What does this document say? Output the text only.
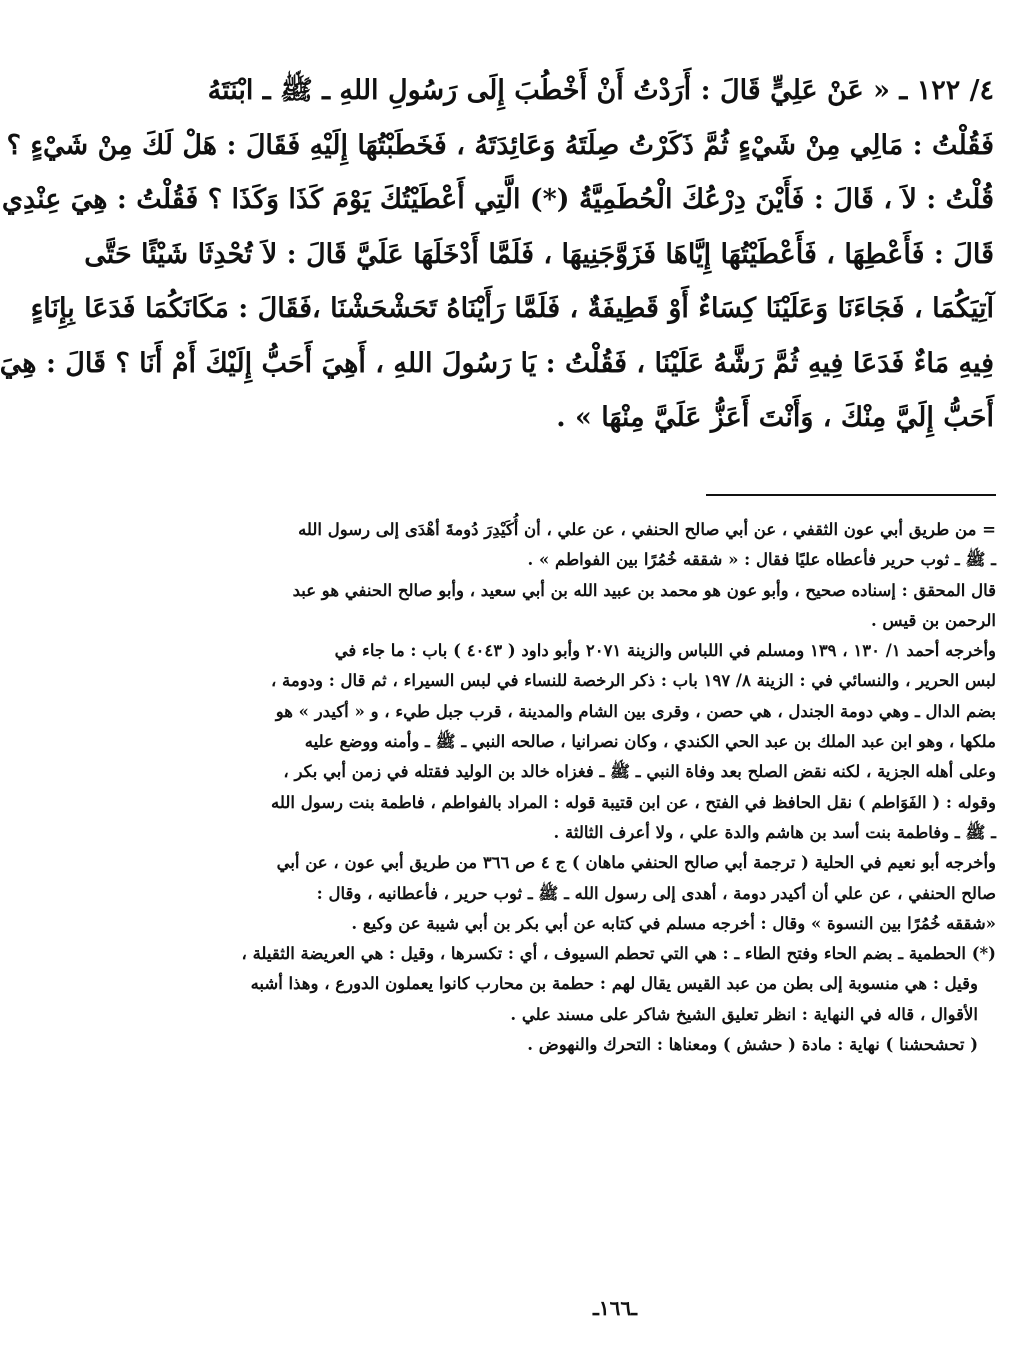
٤/ ١٢٢ ـ « عَنْ عَلِيٍّ قَالَ : أَرَدْتُ أَنْ أَخْطُبَ إِلَى رَسُولِ اللهِ ـ ﷺ ـ ابْنَتَهُ
فَقُلْتُ : مَالِي مِنْ شَيْءٍ ثُمَّ ذَكَرْتُ صِلَتَهُ وَعَائِدَتَهُ ، فَخَطَبْتُهَا إِلَيْهِ فَقَالَ : هَلْ لَكَ مِنْ شَيْءٍ ؟
قُلْتُ : لاَ ، قَالَ : فَأَيْنَ دِرْعُكَ الْحُطَمِيَّةُ (*) الَّتِي أَعْطَيْتُكَ يَوْمَ كَذَا وَكَذَا ؟ فَقُلْتُ : هِيَ عِنْدِي
قَالَ : فَأَعْطِهَا ، فَأَعْطَيْتُهَا إِيَّاهَا فَزَوَّجَنِيهَا ، فَلَمَّا أَدْخَلَهَا عَلَيَّ قَالَ : لاَ تُحْدِثَا شَيْئًا حَتَّى
آتِيَكُمَا ، فَجَاءَنَا وَعَلَيْنَا كِسَاءٌ أَوْ قَطِيفَةٌ ، فَلَمَّا رَأَيْنَاهُ تَحَشْحَشْنَا ،فَقَالَ : مَكَانَكُمَا فَدَعَا بِإِنَاءٍ
فِيهِ مَاءٌ فَدَعَا فِيهِ ثُمَّ رَشَّهُ عَلَيْنَا ، فَقُلْتُ : يَا رَسُولَ اللهِ ، أَهِيَ أَحَبُّ إِلَيْكَ أَمْ أَنَا ؟ قَالَ : هِيَ
أَحَبُّ إِلَيَّ مِنْكَ ، وَأَنْتَ أَعَزُّ عَلَيَّ مِنْهَا » .
= من طريق أبي عون الثقفي ، عن أبي صالح الحنفي ، عن علي ، أن أُكَيْدِرَ دُومةَ أهْدَى إلى رسول الله
ـ ﷺ ـ ثوب حرير فأعطاه عليًا فقال : « شققه خُمُرًا بين الفواطم » .
قال المحقق : إسناده صحيح ، وأبو عون هو محمد بن عبيد الله بن أبي سعيد ، وأبو صالح الحنفي هو عبد
الرحمن بن قيس .
وأخرجه أحمد ١/ ١٣٠ ، ١٣٩ ومسلم في اللباس والزينة ٢٠٧١ وأبو داود ( ٤٠٤٣ ) باب : ما جاء في
لبس الحرير ، والنسائي في : الزينة ٨/ ١٩٧ باب : ذكر الرخصة للنساء في لبس السيراء ، ثم قال : ودومة ،
بضم الدال ـ وهي دومة الجندل ، هي حصن ، وقرى بين الشام والمدينة ، قرب جبل طيء ، و « أكيدر » هو
ملكها ، وهو ابن عبد الملك بن عبد الحي الكندي ، وكان نصرانيا ، صالحه النبي ـ ﷺ ـ وأمنه ووضع عليه
وعلى أهله الجزية ، لكنه نقض الصلح بعد وفاة النبي ـ ﷺ ـ فغزاه خالد بن الوليد فقتله في زمن أبي بكر ،
وقوله : ( الفَوَاطم ) نقل الحافظ في الفتح ، عن ابن قتيبة قوله : المراد بالفواطم ، فاطمة بنت رسول الله
ـ ﷺ ـ وفاطمة بنت أسد بن هاشم والدة علي ، ولا أعرف الثالثة .
وأخرجه أبو نعيم في الحلية ( ترجمة أبي صالح الحنفي ماهان ) ج ٤ ص ٣٦٦ من طريق أبي عون ، عن أبي
صالح الحنفي ، عن علي أن أكيدر دومة ، أهدى إلى رسول الله ـ ﷺ ـ ثوب حرير ، فأعطانيه ، وقال :
«شققه خُمُرًا بين النسوة » وقال : أخرجه مسلم في كتابه عن أبي بكر بن أبي شيبة عن وكيع .
(*) الحطمية ـ بضم الحاء وفتح الطاء ـ : هي التي تحطم السيوف ، أي : تكسرها ، وقيل : هي العريضة الثقيلة ،
وقيل : هي منسوبة إلى بطن من عبد القيس يقال لهم : حطمة بن محارب كانوا يعملون الدورع ، وهذا أشبه
الأقوال ، قاله في النهاية : انظر تعليق الشيخ شاكر على مسند علي .
( تحشحشنا ) نهاية : مادة ( حشش ) ومعناها : التحرك والنهوض .
ـ١٦٦ـ
